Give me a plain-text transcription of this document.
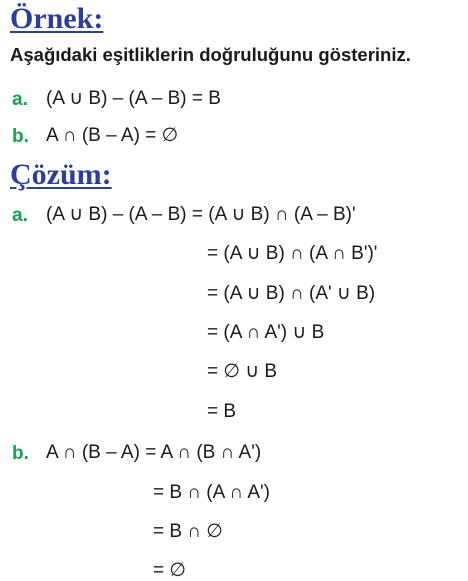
Örnek:
Aşağıdaki eşitliklerin doğruluğunu gösteriniz.
a. (A ∪ B) – (A – B) = B
b. A ∩ (B – A) = ∅
Çözüm:
a. (A ∪ B) – (A – B) = (A ∪ B) ∩ (A – B)'
= (A ∪ B) ∩ (A ∩ B')'
= (A ∪ B) ∩ (A' ∪ B)
= (A ∩ A') ∪ B
= ∅ ∪ B
= B
b. A ∩ (B – A) = A ∩ (B ∩ A')
= B ∩ (A ∩ A')
= B ∩ ∅
= ∅
